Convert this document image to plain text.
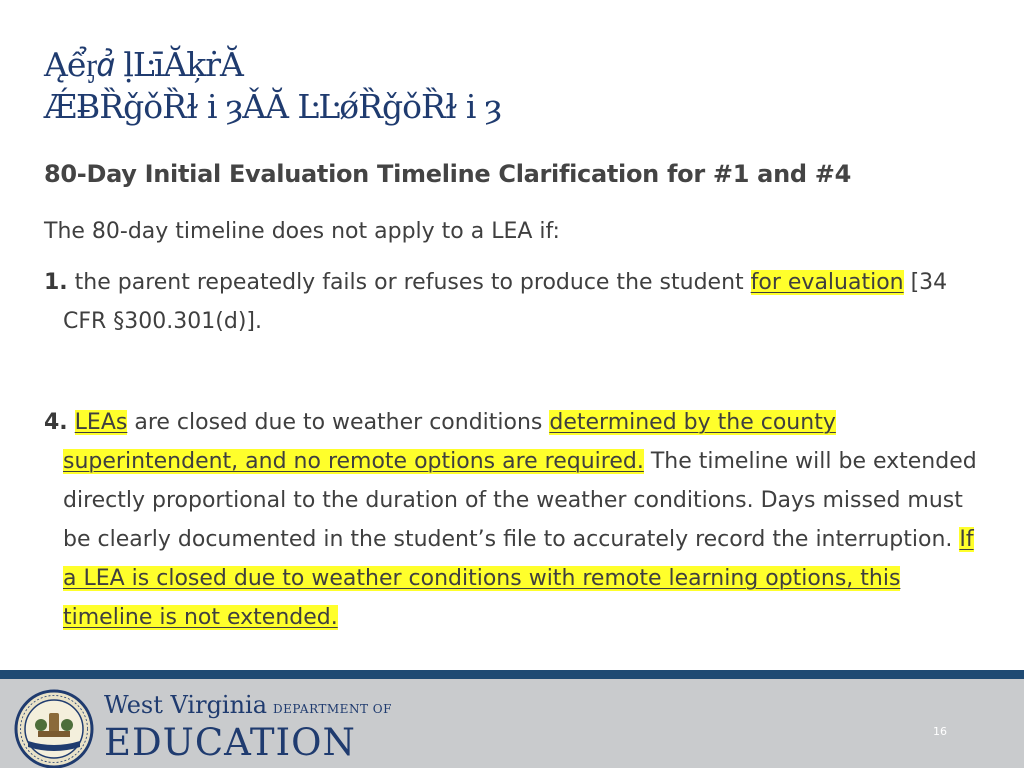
Ąểᶉꞻ ḷĿīĂķṙĂ
ǼɃȐǧǒȐɫ i ȝǍĂ ĿĿǿȐǧǒȐɫ i ȝ
80-Day Initial Evaluation Timeline Clarification for #1 and #4

The 80-day timeline does not apply to a LEA if:

1. the parent repeatedly fails or refuses to produce the student for evaluation [34 CFR §300.301(d)].

4. LEAs are closed due to weather conditions determined by the county superintendent, and no remote options are required. The timeline will be extended directly proportional to the duration of the weather conditions. Days missed must be clearly documented in the student’s file to accurately record the interruption. If a LEA is closed due to weather conditions with remote learning options, this timeline is not extended.

West Virginia DEPARTMENT OF
EDUCATION	16
